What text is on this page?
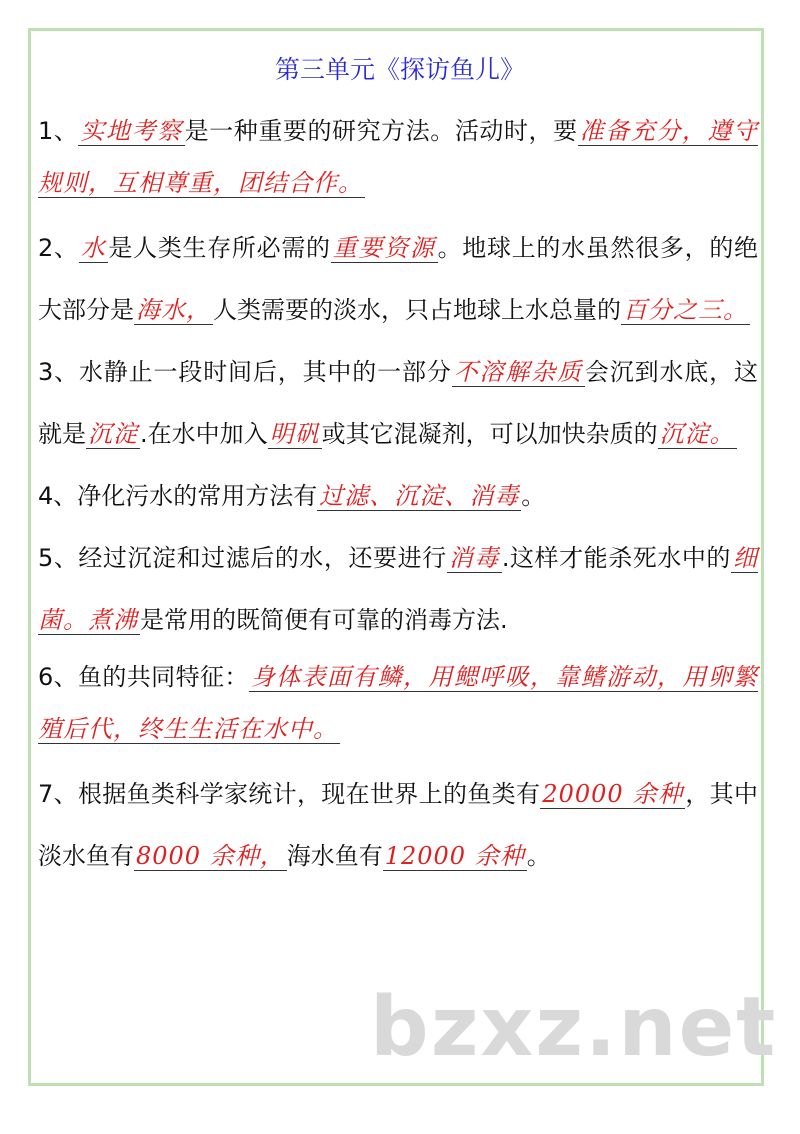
第三单元《探访鱼儿》

1、实地考察是一种重要的研究方法。活动时，要准备充分，遵守规则，互相尊重，团结合作。

2、水是人类生存所必需的重要资源。地球上的水虽然很多，的绝大部分是海水，人类需要的淡水，只占地球上水总量的百分之三。

3、水静止一段时间后，其中的一部分不溶解杂质会沉到水底，这就是沉淀.在水中加入明矾或其它混凝剂，可以加快杂质的沉淀。

4、净化污水的常用方法有过滤、沉淀、消毒。

5、经过沉淀和过滤后的水，还要进行消毒.这样才能杀死水中的细菌。煮沸是常用的既简便有可靠的消毒方法.

6、鱼的共同特征：身体表面有鳞，用鳃呼吸，靠鳍游动，用卵繁殖后代，终生生活在水中。

7、根据鱼类科学家统计，现在世界上的鱼类有20000 余种，其中淡水鱼有8000 余种，海水鱼有12000 余种。

bzxz.net
